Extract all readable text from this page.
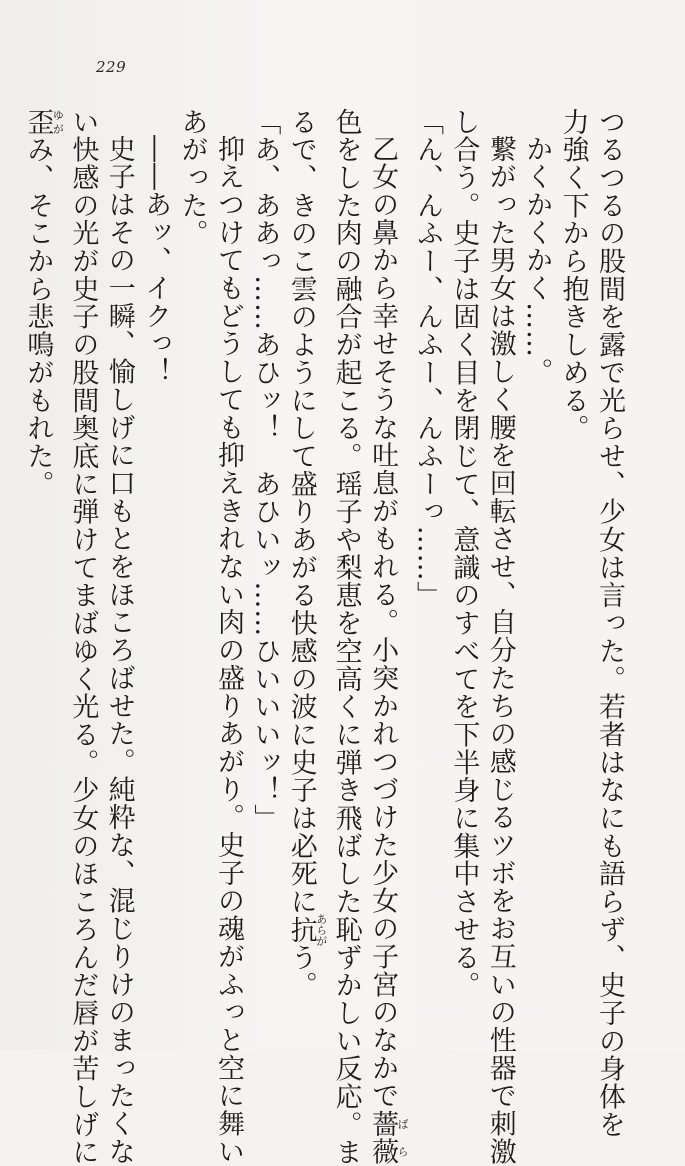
229
つるつるの股間を露で光らせ、少女は言った。若者はなにも語らず、史子の身体を
力強く下から抱きしめる。
　かくかくかく……。
　繋がった男女は激しく腰を回転させ、自分たちの感じるツボをお互いの性器で刺激
し合う。史子は固く目を閉じて、意識のすべてを下半身に集中させる。
「ん、んふー、んふー、んふーっ……」
　乙女の鼻から幸せそうな吐息がもれる。小突かれつづけた少女の子宮のなかで薔薇ばら
色をした肉の融合が起こる。瑶子や梨恵を空高くに弾き飛ばした恥ずかしい反応。ま
るで、きのこ雲のようにして盛りあがる快感の波に史子は必死に抗あらがう。
「あ、ああっ……あひッ！　あひいッ……ひいいいッ！」
　抑えつけてもどうしても抑えきれない肉の盛りあがり。史子の魂がふっと空に舞い
あがった。
　――あッ、イクっ！
　史子はその一瞬、愉しげに口もとをほころばせた。純粋な、混じりけのまったくな
い快感の光が史子の股間奥底に弾けてまばゆく光る。少女のほころんだ唇が苦しげに
歪ゆがみ、そこから悲鳴がもれた。
